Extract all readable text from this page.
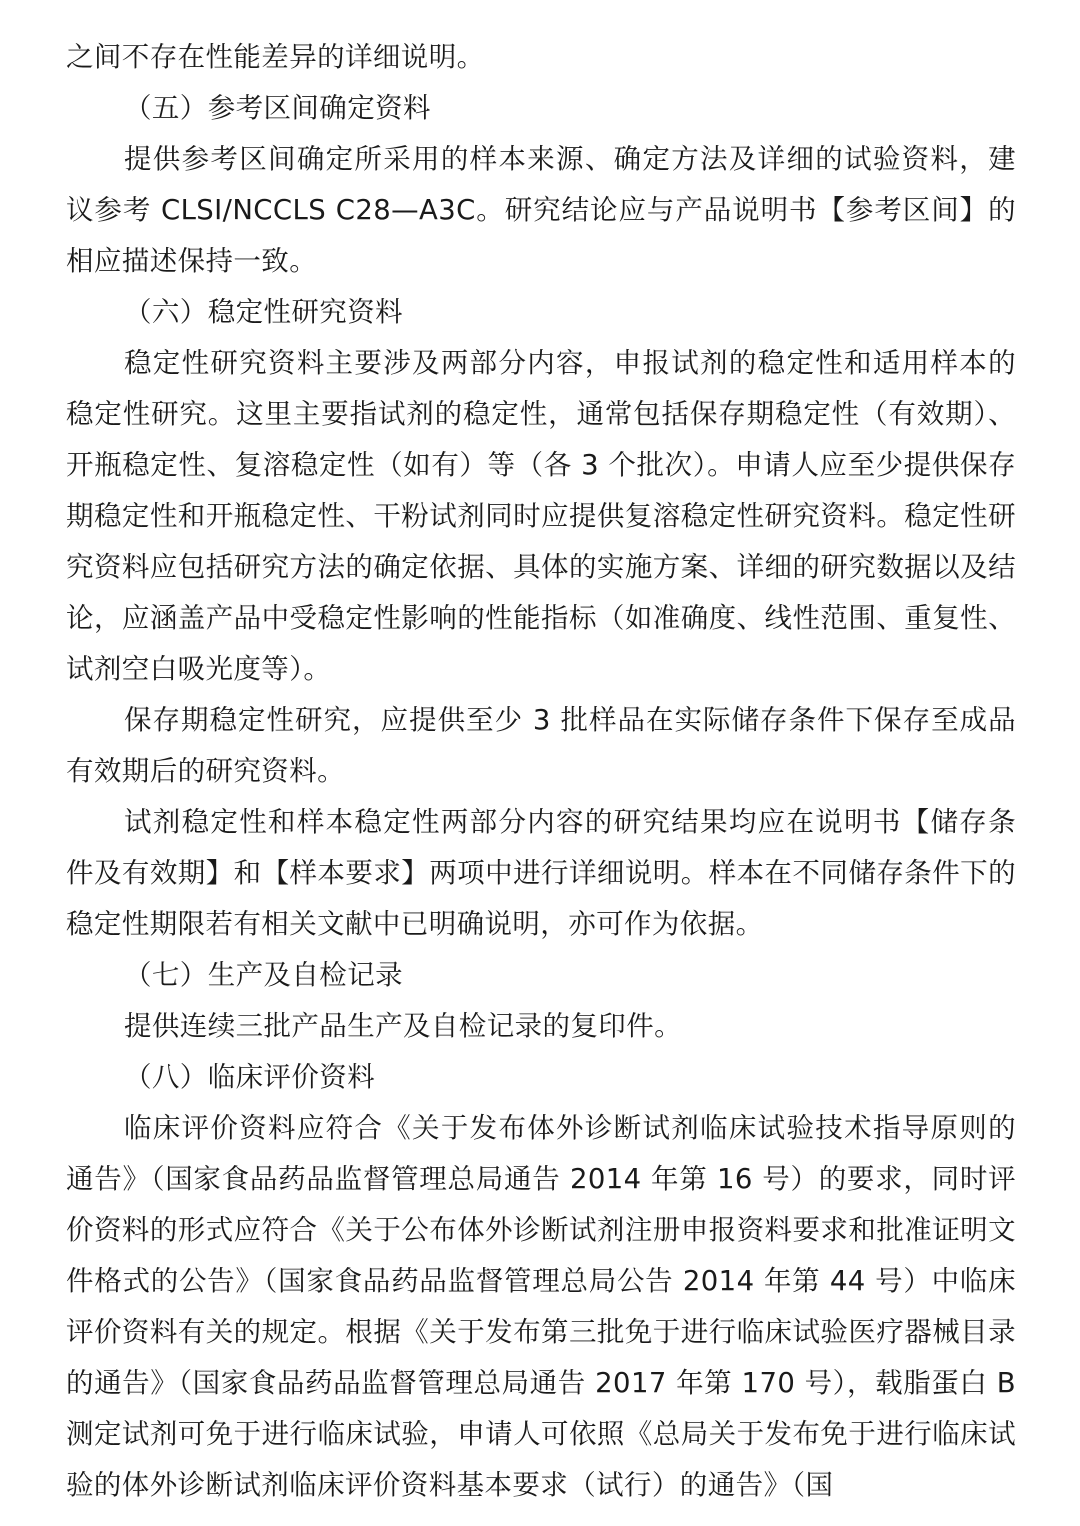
之间不存在性能差异的详细说明。

（五）参考区间确定资料

提供参考区间确定所采用的样本来源、确定方法及详细的试验资料，建议参考 CLSI/NCCLS C28—A3C。研究结论应与产品说明书【参考区间】的相应描述保持一致。

（六）稳定性研究资料

稳定性研究资料主要涉及两部分内容，申报试剂的稳定性和适用样本的稳定性研究。这里主要指试剂的稳定性，通常包括保存期稳定性（有效期）、开瓶稳定性、复溶稳定性（如有）等（各 3 个批次）。申请人应至少提供保存期稳定性和开瓶稳定性、干粉试剂同时应提供复溶稳定性研究资料。稳定性研究资料应包括研究方法的确定依据、具体的实施方案、详细的研究数据以及结论，应涵盖产品中受稳定性影响的性能指标（如准确度、线性范围、重复性、试剂空白吸光度等）。

保存期稳定性研究，应提供至少 3 批样品在实际储存条件下保存至成品有效期后的研究资料。

试剂稳定性和样本稳定性两部分内容的研究结果均应在说明书【储存条件及有效期】和【样本要求】两项中进行详细说明。样本在不同储存条件下的稳定性期限若有相关文献中已明确说明，亦可作为依据。

（七）生产及自检记录

提供连续三批产品生产及自检记录的复印件。

（八）临床评价资料

临床评价资料应符合《关于发布体外诊断试剂临床试验技术指导原则的通告》（国家食品药品监督管理总局通告 2014 年第 16 号）的要求，同时评价资料的形式应符合《关于公布体外诊断试剂注册申报资料要求和批准证明文件格式的公告》（国家食品药品监督管理总局公告 2014 年第 44 号）中临床评价资料有关的规定。根据《关于发布第三批免于进行临床试验医疗器械目录的通告》（国家食品药品监督管理总局通告 2017 年第 170 号），载脂蛋白 B 测定试剂可免于进行临床试验，申请人可依照《总局关于发布免于进行临床试验的体外诊断试剂临床评价资料基本要求（试行）的通告》（国
